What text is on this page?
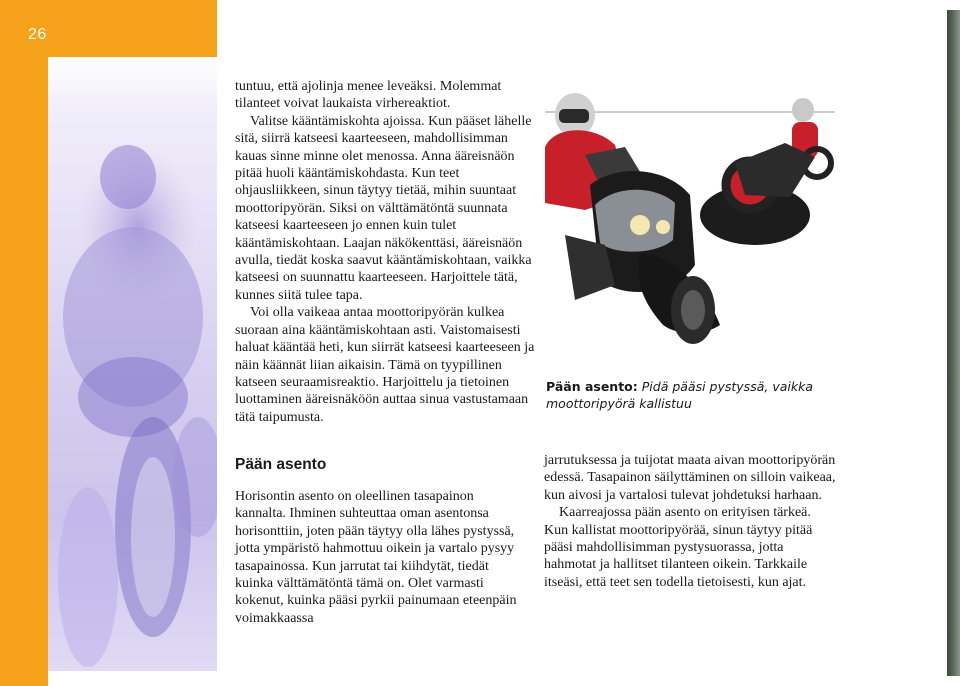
26

tuntuu, että ajolinja menee leveäksi. Molemmat tilanteet voivat laukaista virhereaktiot.

Valitse kääntämiskohta ajoissa. Kun pääset lähelle sitä, siirrä katseesi kaarteeseen, mahdollisimman kauas sinne minne olet menossa. Anna ääreisnäön pitää huoli kääntämiskohdasta. Kun teet ohjausliikkeen, sinun täytyy tietää, mihin suuntaat moottoripyörän. Siksi on välttämätöntä suunnata katseesi kaarteeseen jo ennen kuin tulet kääntämiskohtaan. Laajan näkökenttäsi, ääreisnäön avulla, tiedät koska saavut kääntämiskohtaan, vaikka katseesi on suunnattu kaarteeseen. Harjoittele tätä, kunnes siitä tulee tapa.

Voi olla vaikeaa antaa moottoripyörän kulkea suoraan aina kääntämiskohtaan asti. Vaistomaisesti haluat kääntää heti, kun siirrät katseesi kaarteeseen ja näin käännät liian aikaisin. Tämä on tyypillinen katseen seuraamisreaktio. Harjoittelu ja tietoinen luottaminen ääreisnäköön auttaa sinua vastustamaan tätä taipumusta.

Pään asento

Horisontin asento on oleellinen tasapainon kannalta. Ihminen suhteuttaa oman asentonsa horisonttiin, joten pään täytyy olla lähes pystyssä, jotta ympäristö hahmottuu oikein ja vartalo pysyy tasapainossa. Kun jarrutat tai kiihdytät, tiedät kuinka välttämätöntä tämä on. Olet varmasti kokenut, kuinka pääsi pyrkii painumaan eteenpäin voimakkaassa

jarrutuksessa ja tuijotat maata aivan moottoripyörän edessä. Tasapainon säilyttäminen on silloin vaikeaa, kun aivosi ja vartalosi tulevat johdetuksi harhaan.

Kaarreajossa pään asento on erityisen tärkeä. Kun kallistat moottoripyörää, sinun täytyy pitää pääsi mahdollisimman pystysuorassa, jotta hahmotat ja hallitset tilanteen oikein. Tarkkaile itseäsi, että teet sen todella tietoisesti, kun ajat.

Pään asento: Pidä pääsi pystyssä, vaikka moottoripyörä kallistuu
